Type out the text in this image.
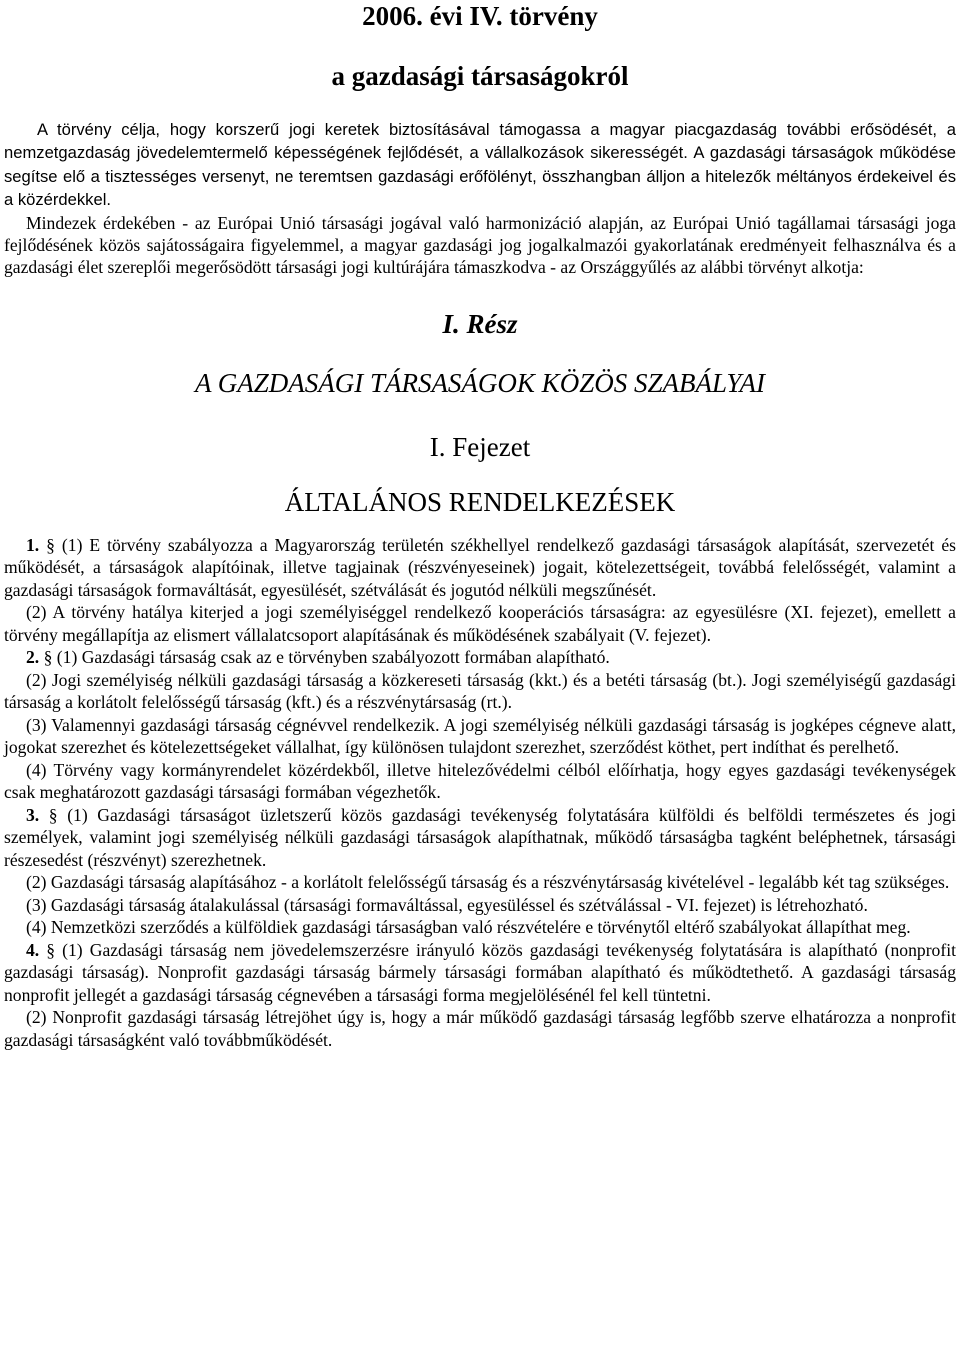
2006. évi IV. törvény
a gazdasági társaságokról

A törvény célja, hogy korszerű jogi keretek biztosításával támogassa a magyar piacgazdaság további erősödését, a nemzetgazdaság jövedelemtermelő képességének fejlődését, a vállalkozások sikerességét. A gazdasági társaságok működése segítse elő a tisztességes versenyt, ne teremtsen gazdasági erőfölényt, összhangban álljon a hitelezők méltányos érdekeivel és a közérdekkel.

Mindezek érdekében - az Európai Unió társasági jogával való harmonizáció alapján, az Európai Unió tagállamai társasági joga fejlődésének közös sajátosságaira figyelemmel, a magyar gazdasági jog jogalkalmazói gyakorlatának eredményeit felhasználva és a gazdasági élet szereplői megerősödött társasági jogi kultúrájára támaszkodva - az Országgyűlés az alábbi törvényt alkotja:

I. Rész
A GAZDASÁGI TÁRSASÁGOK KÖZÖS SZABÁLYAI
I. Fejezet
ÁLTALÁNOS RENDELKEZÉSEK

1. § (1) E törvény szabályozza a Magyarország területén székhellyel rendelkező gazdasági társaságok alapítását, szervezetét és működését, a társaságok alapítóinak, illetve tagjainak (részvényeseinek) jogait, kötelezettségeit, továbbá felelősségét, valamint a gazdasági társaságok formaváltását, egyesülését, szétválását és jogutód nélküli megszűnését.

(2) A törvény hatálya kiterjed a jogi személyiséggel rendelkező kooperációs társaságra: az egyesülésre (XI. fejezet), emellett a törvény megállapítja az elismert vállalatcsoport alapításának és működésének szabályait (V. fejezet).

2. § (1) Gazdasági társaság csak az e törvényben szabályozott formában alapítható.

(2) Jogi személyiség nélküli gazdasági társaság a közkereseti társaság (kkt.) és a betéti társaság (bt.). Jogi személyiségű gazdasági társaság a korlátolt felelősségű társaság (kft.) és a részvénytársaság (rt.).

(3) Valamennyi gazdasági társaság cégnévvel rendelkezik. A jogi személyiség nélküli gazdasági társaság is jogképes cégneve alatt, jogokat szerezhet és kötelezettségeket vállalhat, így különösen tulajdont szerezhet, szerződést köthet, pert indíthat és perelhető.

(4) Törvény vagy kormányrendelet közérdekből, illetve hitelezővédelmi célból előírhatja, hogy egyes gazdasági tevékenységek csak meghatározott gazdasági társasági formában végezhetők.

3. § (1) Gazdasági társaságot üzletszerű közös gazdasági tevékenység folytatására külföldi és belföldi természetes és jogi személyek, valamint jogi személyiség nélküli gazdasági társaságok alapíthatnak, működő társaságba tagként beléphetnek, társasági részesedést (részvényt) szerezhetnek.

(2) Gazdasági társaság alapításához - a korlátolt felelősségű társaság és a részvénytársaság kivételével - legalább két tag szükséges.

(3) Gazdasági társaság átalakulással (társasági formaváltással, egyesüléssel és szétválással - VI. fejezet) is létrehozható.

(4) Nemzetközi szerződés a külföldiek gazdasági társaságban való részvételére e törvénytől eltérő szabályokat állapíthat meg.

4. § (1) Gazdasági társaság nem jövedelemszerzésre irányuló közös gazdasági tevékenység folytatására is alapítható (nonprofit gazdasági társaság). Nonprofit gazdasági társaság bármely társasági formában alapítható és működtethető. A gazdasági társaság nonprofit jellegét a gazdasági társaság cégnevében a társasági forma megjelölésénél fel kell tüntetni.

(2) Nonprofit gazdasági társaság létrejöhet úgy is, hogy a már működő gazdasági társaság legfőbb szerve elhatározza a nonprofit gazdasági társaságként való továbbműködését.
